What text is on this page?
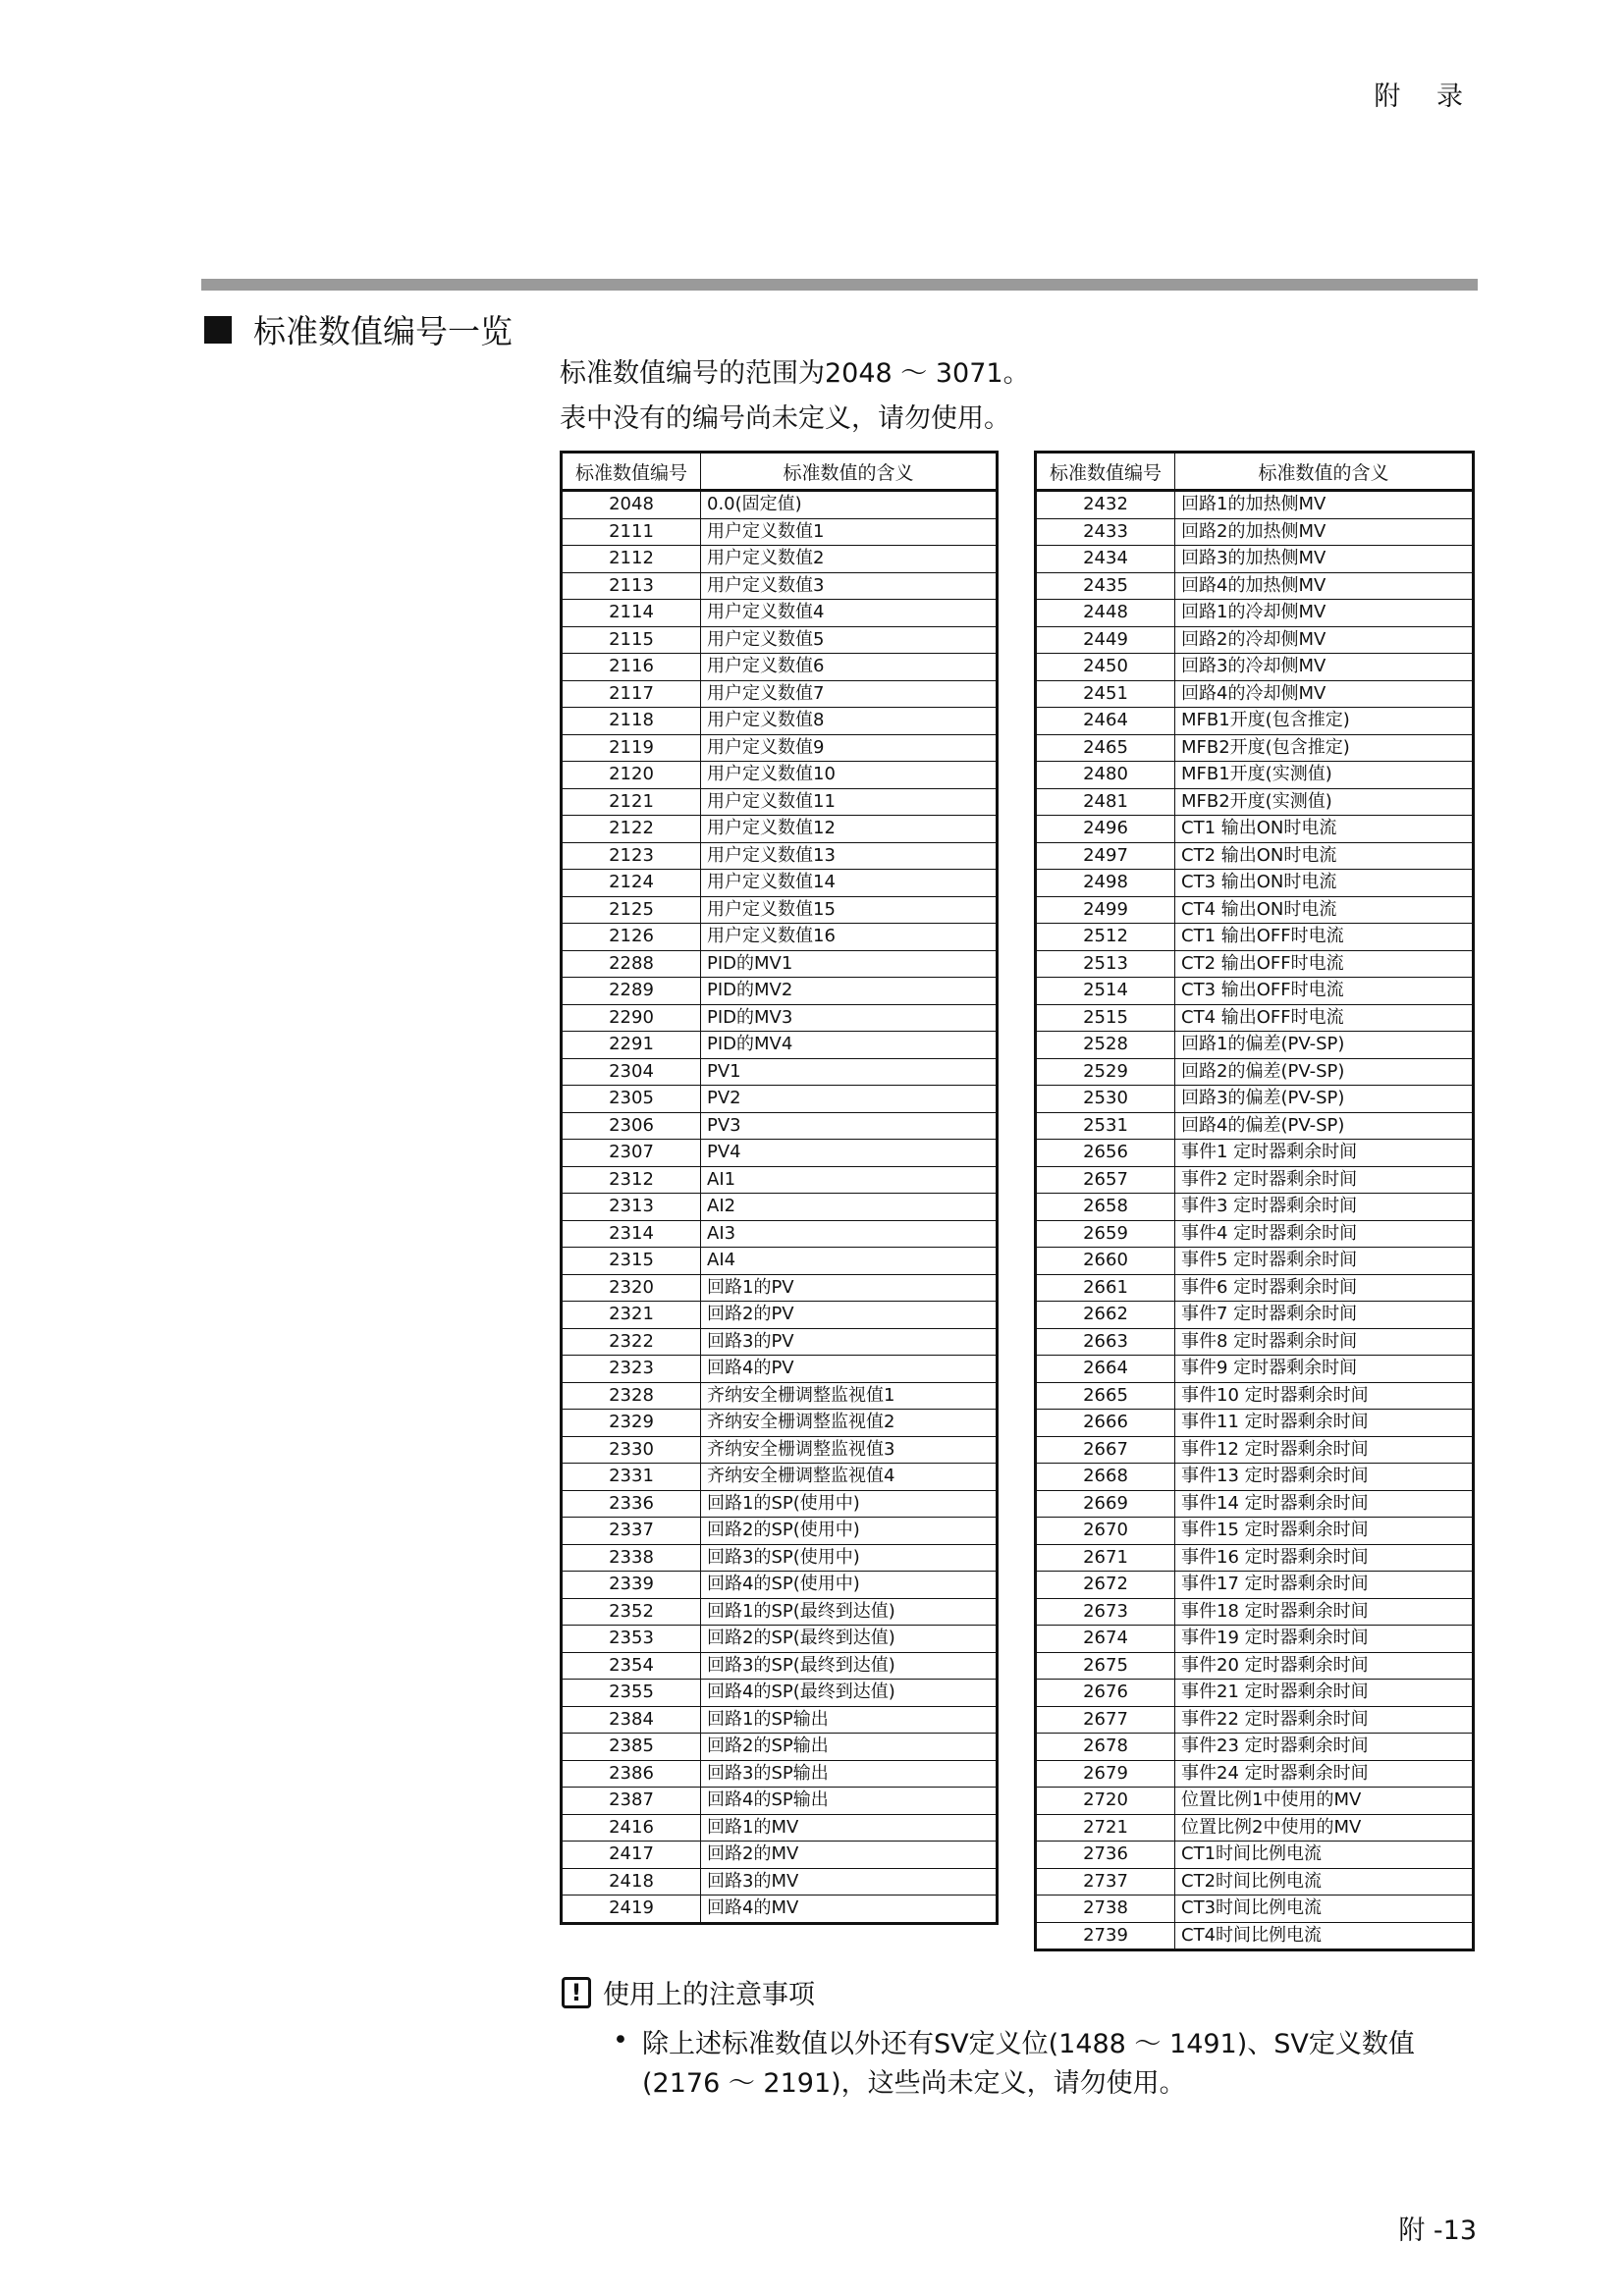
附 录
标准数值编号一览
标准数值编号的范围为2048 ～ 3071。
表中没有的编号尚未定义，请勿使用。
标准数值编号	标准数值的含义
2048	0.0(固定值)
2111	用户定义数值1
2112	用户定义数值2
2113	用户定义数值3
2114	用户定义数值4
2115	用户定义数值5
2116	用户定义数值6
2117	用户定义数值7
2118	用户定义数值8
2119	用户定义数值9
2120	用户定义数值10
2121	用户定义数值11
2122	用户定义数值12
2123	用户定义数值13
2124	用户定义数值14
2125	用户定义数值15
2126	用户定义数值16
2288	PID的MV1
2289	PID的MV2
2290	PID的MV3
2291	PID的MV4
2304	PV1
2305	PV2
2306	PV3
2307	PV4
2312	AI1
2313	AI2
2314	AI3
2315	AI4
2320	回路1的PV
2321	回路2的PV
2322	回路3的PV
2323	回路4的PV
2328	齐纳安全栅调整监视值1
2329	齐纳安全栅调整监视值2
2330	齐纳安全栅调整监视值3
2331	齐纳安全栅调整监视值4
2336	回路1的SP(使用中)
2337	回路2的SP(使用中)
2338	回路3的SP(使用中)
2339	回路4的SP(使用中)
2352	回路1的SP(最终到达值)
2353	回路2的SP(最终到达值)
2354	回路3的SP(最终到达值)
2355	回路4的SP(最终到达值)
2384	回路1的SP输出
2385	回路2的SP输出
2386	回路3的SP输出
2387	回路4的SP输出
2416	回路1的MV
2417	回路2的MV
2418	回路3的MV
2419	回路4的MV
标准数值编号	标准数值的含义
2432	回路1的加热侧MV
2433	回路2的加热侧MV
2434	回路3的加热侧MV
2435	回路4的加热侧MV
2448	回路1的冷却侧MV
2449	回路2的冷却侧MV
2450	回路3的冷却侧MV
2451	回路4的冷却侧MV
2464	MFB1开度(包含推定)
2465	MFB2开度(包含推定)
2480	MFB1开度(实测值)
2481	MFB2开度(实测值)
2496	CT1 输出ON时电流
2497	CT2 输出ON时电流
2498	CT3 输出ON时电流
2499	CT4 输出ON时电流
2512	CT1 输出OFF时电流
2513	CT2 输出OFF时电流
2514	CT3 输出OFF时电流
2515	CT4 输出OFF时电流
2528	回路1的偏差(PV-SP)
2529	回路2的偏差(PV-SP)
2530	回路3的偏差(PV-SP)
2531	回路4的偏差(PV-SP)
2656	事件1 定时器剩余时间
2657	事件2 定时器剩余时间
2658	事件3 定时器剩余时间
2659	事件4 定时器剩余时间
2660	事件5 定时器剩余时间
2661	事件6 定时器剩余时间
2662	事件7 定时器剩余时间
2663	事件8 定时器剩余时间
2664	事件9 定时器剩余时间
2665	事件10 定时器剩余时间
2666	事件11 定时器剩余时间
2667	事件12 定时器剩余时间
2668	事件13 定时器剩余时间
2669	事件14 定时器剩余时间
2670	事件15 定时器剩余时间
2671	事件16 定时器剩余时间
2672	事件17 定时器剩余时间
2673	事件18 定时器剩余时间
2674	事件19 定时器剩余时间
2675	事件20 定时器剩余时间
2676	事件21 定时器剩余时间
2677	事件22 定时器剩余时间
2678	事件23 定时器剩余时间
2679	事件24 定时器剩余时间
2720	位置比例1中使用的MV
2721	位置比例2中使用的MV
2736	CT1时间比例电流
2737	CT2时间比例电流
2738	CT3时间比例电流
2739	CT4时间比例电流
! 使用上的注意事项
• 除上述标准数值以外还有SV定义位(1488 ～ 1491)、SV定义数值
(2176 ～ 2191)，这些尚未定义，请勿使用。
附 -13
